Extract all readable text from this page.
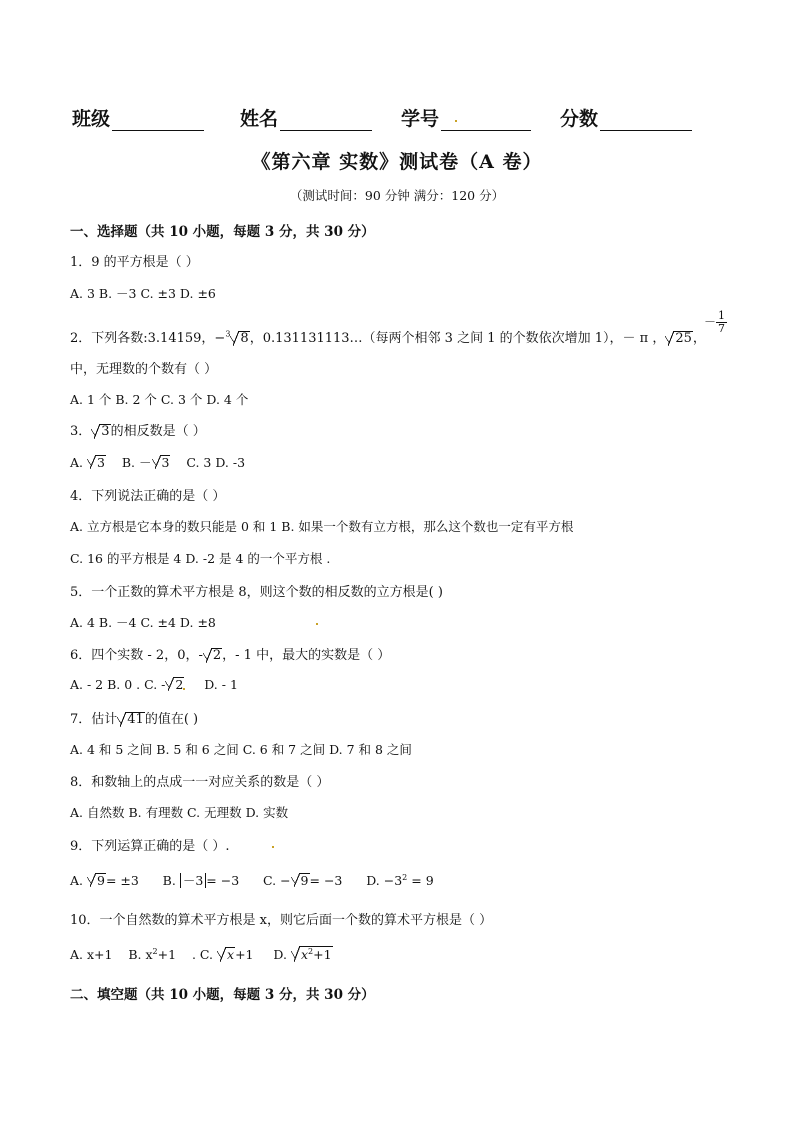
班级	姓名	学号	分数
《第六章 实数》测试卷（A 卷）
（测试时间：90 分钟 满分：120 分）
一、选择题（共 10 小题，每题 3 分，共 30 分）
1．9 的平方根是（ ）
A. 3 B. －3 C. ±3 D. ±6
2．下列各数:3.14159，−$^3$ 8，0.131131113…（每两个相邻 3 之间 1 的个数依次增加 1），－ π ， 25，
－ $\frac{1}{7}$
中，无理数的个数有（ ）
A. 1 个 B. 2 个 C. 3 个 D. 4 个
3． 3的相反数是（ ）
A. 3 B. － 3 C. 3 D. -3
4．下列说法正确的是（ ）
A. 立方根是它本身的数只能是 0 和 1 B. 如果一个数有立方根，那么这个数也一定有平方根
C. 16 的平方根是 4 D. -2 是 4 的一个平方根 .
5．一个正数的算术平方根是 8，则这个数的相反数的立方根是( )
A. 4 B. －4 C. ±4 D. ±8
6．四个实数 - 2，0，- 2，- 1 中，最大的实数是（ ）
A. - 2 B. 0 . C. - 2 D. - 1
7．估计 41的值在( )
A. 4 和 5 之间 B. 5 和 6 之间 C. 6 和 7 之间 D. 7 和 8 之间
8．和数轴上的点成一一对应关系的数是（ ）
A. 自然数 B. 有理数 C. 无理数 D. 实数
9．下列运算正确的是（ ）.
A. 9= ±3 B. －3 = −3 C. − 9= −3 D. $-3^2 = 9$
10．一个自然数的算术平方根是 x，则它后面一个数的算术平方根是（ ）
A. x+1 B. $x^2+1$ . C. x+1 D. $x^2+1$
二、填空题（共 10 小题，每题 3 分，共 30 分）
